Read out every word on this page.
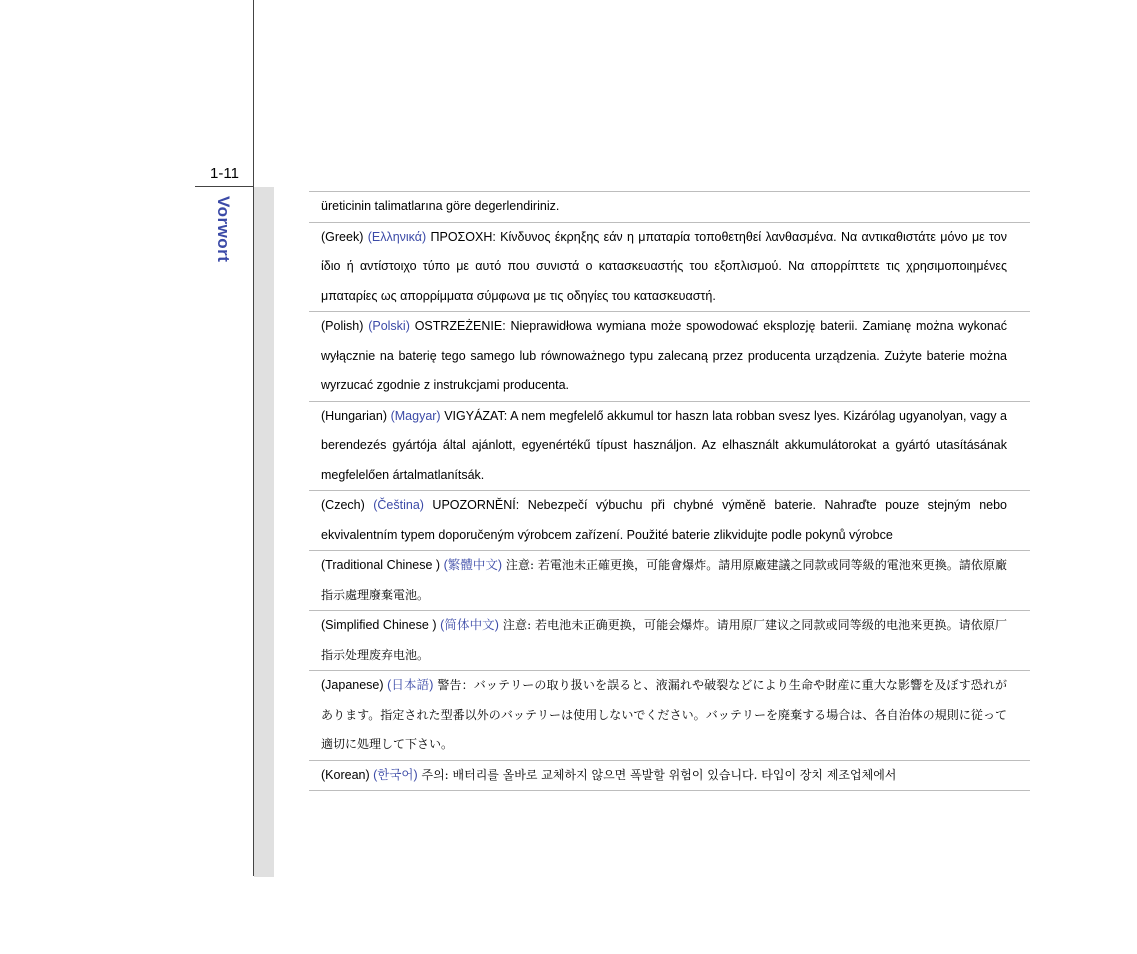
1-11
Vorwort	üreticinin talimatlarına göre degerlendiriniz.

(Greek) (Ελληνικά) ΠΡΟΣΟΧΗ: Κίνδυνος έκρηξης εάν η μπαταρία τοποθετηθεί λανθασμένα. Να αντικαθιστάτε μόνο με τον ίδιο ή αντίστοιχο τύπο με αυτό που συνιστά ο κατασκευαστής του εξοπλισμού. Να απορρίπτετε τις χρησιμοποιημένες μπαταρίες ως απορρίμματα σύμφωνα με τις οδηγίες του κατασκευαστή.

(Polish) (Polski) OSTRZEŻENIE: Nieprawidłowa wymiana może spowodować eksplozję baterii. Zamianę można wykonać wyłącznie na baterię tego samego lub równoważnego typu zalecaną przez producenta urządzenia. Zużyte baterie można wyrzucać zgodnie z instrukcjami producenta.

(Hungarian) (Magyar) VIGYÁZAT: A nem megfelelő akkumul tor haszn lata robban svesz lyes. Kizárólag ugyanolyan, vagy a berendezés gyártója által ajánlott, egyenértékű típust használjon. Az elhasznált akkumulátorokat a gyártó utasításának megfelelően ártalmatlanítsák.

(Czech) (Čeština) UPOZORNĚNÍ: Nebezpečí výbuchu při chybné výměně baterie. Nahraďte pouze stejným nebo ekvivalentním typem doporučeným výrobcem zařízení. Použité baterie zlikvidujte podle pokynů výrobce

(Traditional Chinese ) (繁體中文) 注意: 若電池未正確更換，可能會爆炸。請用原廠建議之同款或同等級的電池來更換。請依原廠指示處理廢棄電池。

(Simplified Chinese ) (简体中文) 注意: 若电池未正确更换，可能会爆炸。请用原厂建议之同款或同等级的电池来更换。请依原厂指示处理废弃电池。

(Japanese) (日本語) 警告：バッテリーの取り扱いを誤ると、液漏れや破裂などにより生命や財産に重大な影響を及ぼす恐れがあります。指定された型番以外のバッテリーは使用しないでください。バッテリーを廃棄する場合は、各自治体の規則に従って適切に処理して下さい。

(Korean) (한국어) 주의: 배터리를 올바로 교체하지 않으면 폭발할 위험이 있습니다. 타입이 장치 제조업체에서
